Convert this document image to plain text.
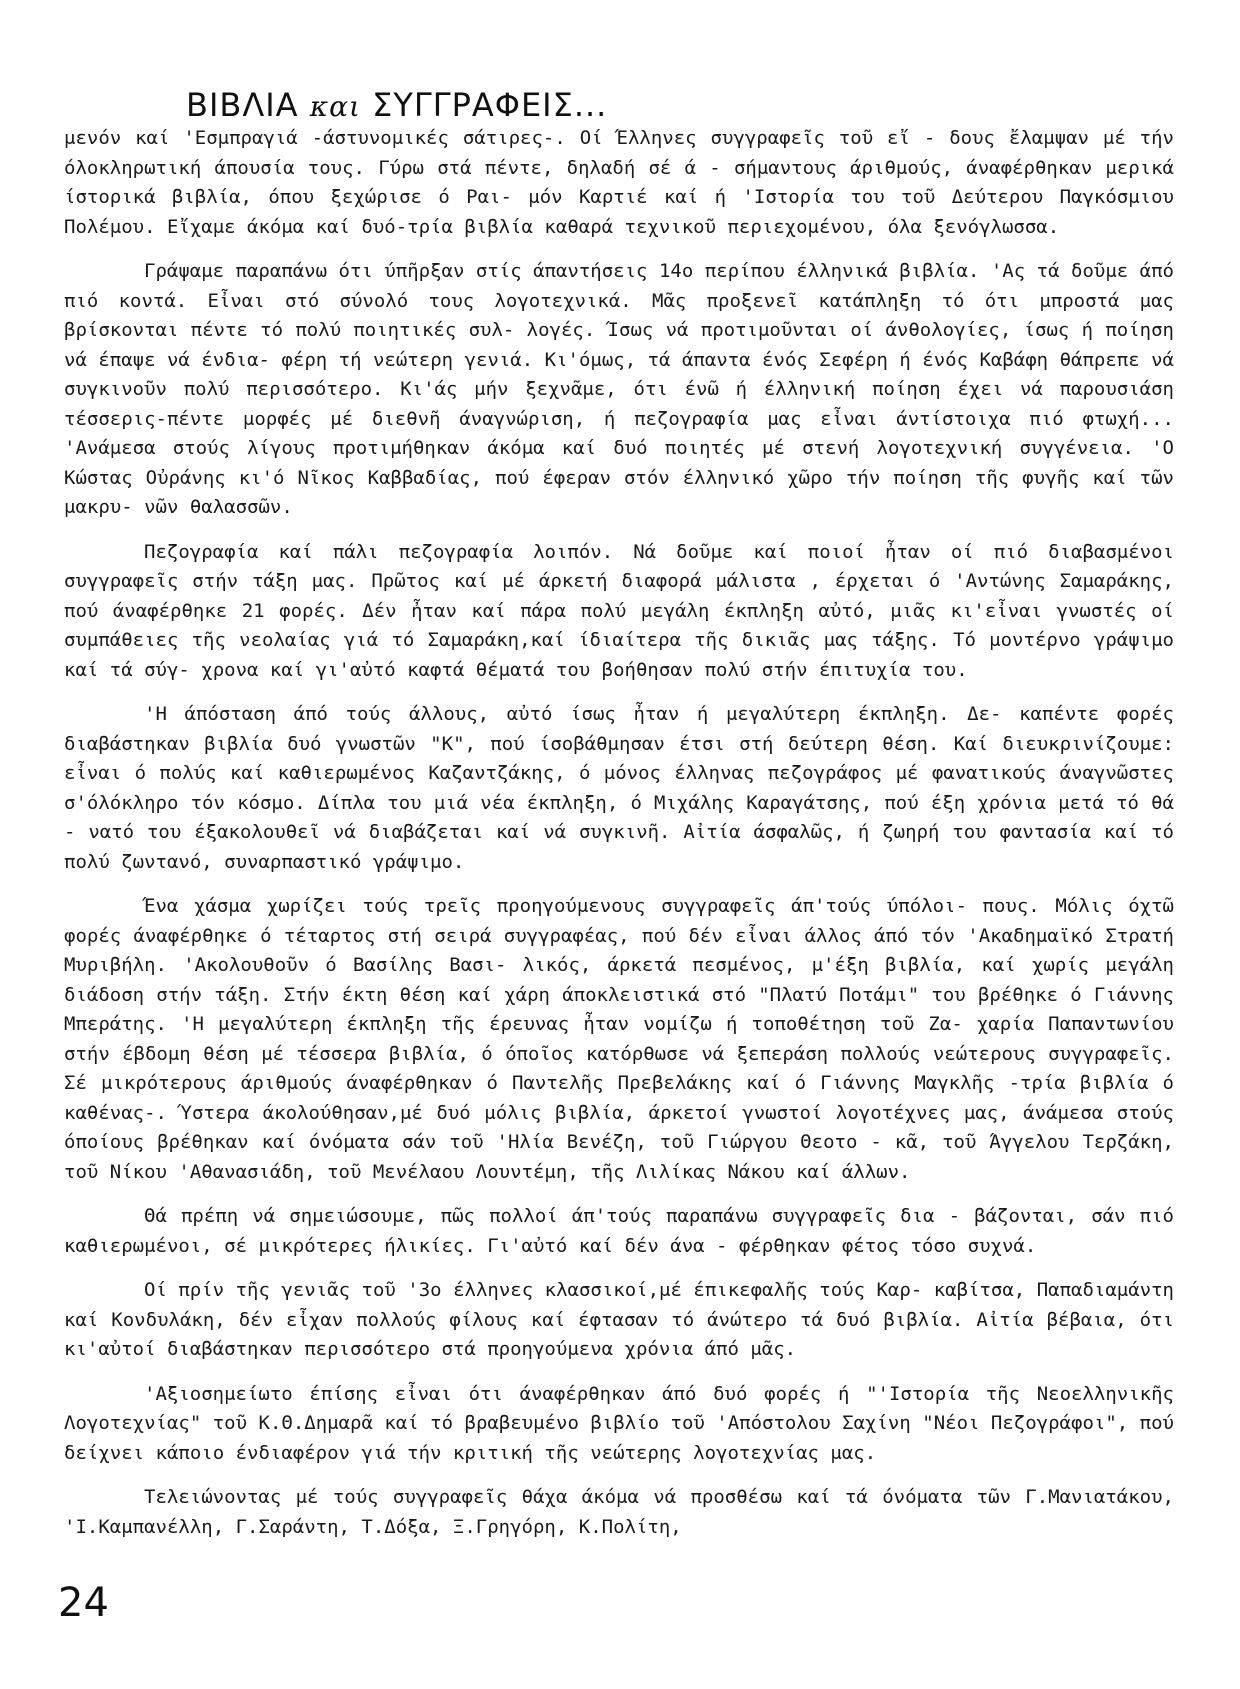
ΒΙΒΛΙΑ και ΣΥΓΓΡΑΦΕΙΣ...

μενόν καί 'Εσμπραγιά -άστυνομικές σάτιρες-. Οί Έλληνες συγγραφεῖς τοῦ εἴ - δους ἔλαμψαν μέ τήν όλοκληρωτική άπουσία τους. Γύρω στά πέντε, δηλαδή σέ ά - σήμαντους άριθμούς, άναφέρθηκαν μερικά ίστορικά βιβλία, όπου ξεχώρισε ό Ραι- μόν Καρτιέ καί ή 'Ιστορία του τοῦ Δεύτερου Παγκόσμιου Πολέμου. Εἴχαμε άκόμα καί δυό-τρία βιβλία καθαρά τεχνικοῦ περιεχομένου, όλα ξενόγλωσσα.

Γράψαμε παραπάνω ότι ύπῆρξαν στίς άπαντήσεις 14ο περίπου έλληνικά βιβλία. 'Ας τά δοῦμε άπό πιό κοντά. Εἶναι στό σύνολό τους λογοτεχνικά. Μᾶς προξενεῖ κατάπληξη τό ότι μπροστά μας βρίσκονται πέντε τό πολύ ποιητικές συλ- λογές. Ίσως νά προτιμοῦνται οί άνθολογίες, ίσως ή ποίηση νά έπαψε νά ένδια- φέρη τή νεώτερη γενιά. Κι'όμως, τά άπαντα ένός Σεφέρη ή ένός Καβάφη θάπρεπε νά συγκινοῦν πολύ περισσότερο. Κι'άς μήν ξεχνᾶμε, ότι ένῶ ή έλληνική ποίηση έχει νά παρουσιάση τέσσερις-πέντε μορφές μέ διεθνῆ άναγνώριση, ή πεζογραφία μας εἶναι άντίστοιχα πιό φτωχή... 'Ανάμεσα στούς λίγους προτιμήθηκαν άκόμα καί δυό ποιητές μέ στενή λογοτεχνική συγγένεια. 'Ο Κώστας Οὐράνης κι'ό Νῖκος Καββαδίας, πού έφεραν στόν έλληνικό χῶρο τήν ποίηση τῆς φυγῆς καί τῶν μακρυ- νῶν θαλασσῶν.

Πεζογραφία καί πάλι πεζογραφία λοιπόν. Νά δοῦμε καί ποιοί ἦταν οί πιό διαβασμένοι συγγραφεῖς στήν τάξη μας. Πρῶτος καί μέ άρκετή διαφορά μάλιστα , έρχεται ό 'Αντώνης Σαμαράκης, πού άναφέρθηκε 21 φορές. Δέν ἦταν καί πάρα πολύ μεγάλη έκπληξη αὐτό, μιᾶς κι'εἶναι γνωστές οί συμπάθειες τῆς νεολαίας γιά τό Σαμαράκη,καί ίδιαίτερα τῆς δικιᾶς μας τάξης. Τό μοντέρνο γράψιμο καί τά σύγ- χρονα καί γι'αὐτό καφτά θέματά του βοήθησαν πολύ στήν έπιτυχία του.

'Η άπόσταση άπό τούς άλλους, αὐτό ίσως ἦταν ή μεγαλύτερη έκπληξη. Δε- καπέντε φορές διαβάστηκαν βιβλία δυό γνωστῶν "Κ", πού ίσοβάθμησαν έτσι στή δεύτερη θέση. Καί διευκρινίζουμε: εἶναι ό πολύς καί καθιερωμένος Καζαντζάκης, ό μόνος έλληνας πεζογράφος μέ φανατικούς άναγνῶστες σ'όλόκληρο τόν κόσμο. Δίπλα του μιά νέα έκπληξη, ό Μιχάλης Καραγάτσης, πού έξη χρόνια μετά τό θά - νατό του έξακολουθεῖ νά διαβάζεται καί νά συγκινῆ. Αἰτία άσφαλῶς, ή ζωηρή του φαντασία καί τό πολύ ζωντανό, συναρπαστικό γράψιμο.

Ένα χάσμα χωρίζει τούς τρεῖς προηγούμενους συγγραφεῖς άπ'τούς ύπόλοι- πους. Μόλις όχτῶ φορές άναφέρθηκε ό τέταρτος στή σειρά συγγραφέας, πού δέν εἶναι άλλος άπό τόν 'Ακαδημαϊκό Στρατή Μυριβήλη. 'Ακολουθοῦν ό Βασίλης Βασι- λικός, άρκετά πεσμένος, μ'έξη βιβλία, καί χωρίς μεγάλη διάδοση στήν τάξη. Στήν έκτη θέση καί χάρη άποκλειστικά στό "Πλατύ Ποτάμι" του βρέθηκε ό Γιάννης Μπεράτης. 'Η μεγαλύτερη έκπληξη τῆς έρευνας ἦταν νομίζω ή τοποθέτηση τοῦ Ζα- χαρία Παπαντωνίου στήν έβδομη θέση μέ τέσσερα βιβλία, ό όποῖος κατόρθωσε νά ξεπεράση πολλούς νεώτερους συγγραφεῖς. Σέ μικρότερους άριθμούς άναφέρθηκαν ό Παντελῆς Πρεβελάκης καί ό Γιάννης Μαγκλῆς -τρία βιβλία ό καθένας-. Ύστερα άκολούθησαν,μέ δυό μόλις βιβλία, άρκετοί γνωστοί λογοτέχνες μας, άνάμεσα στούς όποίους βρέθηκαν καί όνόματα σάν τοῦ 'Ηλία Βενέζη, τοῦ Γιώργου Θεοτο - κᾶ, τοῦ Άγγελου Τερζάκη, τοῦ Νίκου 'Αθανασιάδη, τοῦ Μενέλαου Λουντέμη, τῆς Λιλίκας Νάκου καί άλλων.

Θά πρέπη νά σημειώσουμε, πῶς πολλοί άπ'τούς παραπάνω συγγραφεῖς δια - βάζονται, σάν πιό καθιερωμένοι, σέ μικρότερες ήλικίες. Γι'αὐτό καί δέν άνα - φέρθηκαν φέτος τόσο συχνά.

Οί πρίν τῆς γενιᾶς τοῦ '3ο έλληνες κλασσικοί,μέ έπικεφαλῆς τούς Καρ- καβίτσα, Παπαδιαμάντη καί Κονδυλάκη, δέν εἶχαν πολλούς φίλους καί έφτασαν τό άνώτερο τά δυό βιβλία. Αἰτία βέβαια, ότι κι'αὐτοί διαβάστηκαν περισσότερο στά προηγούμενα χρόνια άπό μᾶς.

'Αξιοσημείωτο έπίσης εἶναι ότι άναφέρθηκαν άπό δυό φορές ή "'Ιστορία τῆς Νεοελληνικῆς Λογοτεχνίας" τοῦ Κ.Θ.Δημαρᾶ καί τό βραβευμένο βιβλίο τοῦ 'Απόστολου Σαχίνη "Νέοι Πεζογράφοι", πού δείχνει κάποιο ένδιαφέρον γιά τήν κριτική τῆς νεώτερης λογοτεχνίας μας.

Τελειώνοντας μέ τούς συγγραφεῖς θάχα άκόμα νά προσθέσω καί τά όνόματα τῶν Γ.Μανιατάκου, 'Ι.Καμπανέλλη, Γ.Σαράντη, Τ.Δόξα, Ξ.Γρηγόρη, Κ.Πολίτη,

24
